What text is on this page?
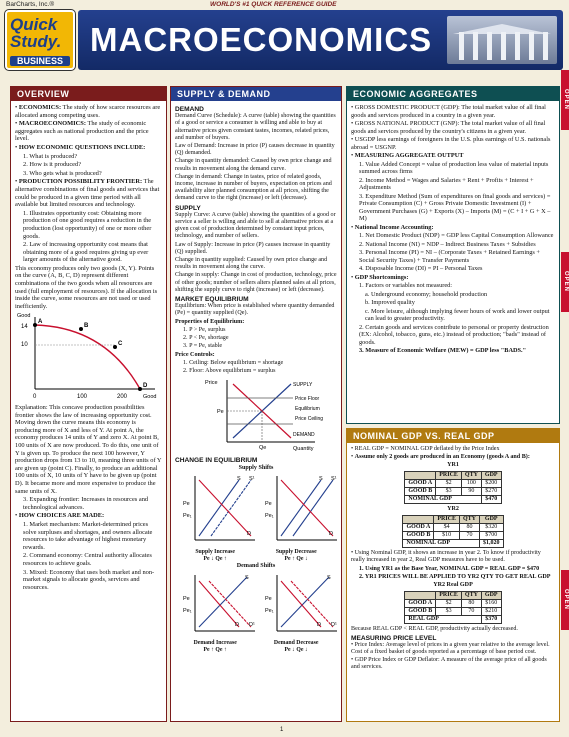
BarCharts, Inc.®	WORLD'S #1 QUICK REFERENCE GUIDE
Quick
Study.
BUSINESS
MACROECONOMICS
OPEN
OPEN
OPEN
OVERVIEW

• ECONOMICS: The study of how scarce resources are allocated among competing uses.

• MACROECONOMICS: The study of economic aggregates such as national production and the price level.

• HOW ECONOMIC QUESTIONS INCLUDE:

1. What is produced?

2. How is it produced?

3. Who gets what is produced?

• PRODUCTION POSSIBILITY FRONTIER: The alternative combinations of final goods and services that could be produced in a given time period with all available but limited resources and technology.

1. Illustrates opportunity cost: Obtaining more production of one good requires a reduction in the production (lost opportunity) of one or more other goods.

2. Law of increasing opportunity cost means that obtaining more of a good requires giving up ever larger amounts of the alternative good.

This economy produces only two goods (X, Y). Points on the curve (A, B, C, D) represent different combinations of the two goods when all resources are used (full employment of resources). If the allocation is inside the curve, some resources are not used or used inefficiently.

Good
Good
14
10
0	100	200
A
B
C
D

Explanation: This concave production possibilities frontier shows the law of increasing opportunity cost. Moving down the curve means this economy is producing more of X and less of Y. At point A, the economy produces 14 units of Y and zero X. At point B, 100 units of X are now produced. To do this, one unit of Y is given up. To produce the next 100 however, Y production drops from 13 to 10, meaning three units of Y are given up (point C). Finally, to produce an additional 100 units of X, 10 units of Y have to be given up (point D). It became more and more expensive to produce the same units of X.

3. Expanding frontier: Increases in resources and technological advances.

• HOW CHOICES ARE MADE:

1. Market mechanism: Market-determined prices solve surpluses and shortages, and owners allocate resources to take advantage of highest monetary rewards.

2. Command economy: Central authority allocates resources to achieve goals.

3. Mixed: Economy that uses both market and non-market signals to allocate goods, services and resources.

SUPPLY & DEMAND
DEMAND

Demand Curve (Schedule): A curve (table) showing the quantities of a good or service a consumer is willing and able to buy at alternative prices given constant tastes, incomes, related prices, and number of buyers.

Law of Demand: Increase in price (P) causes decrease in quantity (Q) demanded.

Change in quantity demanded: Caused by own price change and results in movement along the demand curve.

Change in demand: Change in tastes, price of related goods, income, increase in number of buyers, expectation on prices and availability alter planned consumption at all prices, shifting the demand curve to the right (increase) or left (decrease).

SUPPLY

Supply Curve: A curve (table) showing the quantities of a good or service a seller is willing and able to sell at alternative prices at a given cost of production determined by constant input prices, technology, and number of sellers.

Law of Supply: Increase in price (P) causes increase in quantity (Q) supplied.

Change in quantity supplied: Caused by own price change and results in movement along the curve.

Change in supply: Change in cost of production, technology, price of other goods; number of sellers alters planned sales at all prices, shifting the supply curve to right (increase) or left (decrease).

MARKET EQUILIBRIUM

Equilibrium: When price is established where quantity demanded (Pe) = quantity supplied (Qe).

Properties of Equilibrium:

1. P > Pe, surplus

2. P < Pe, shortage

3. P = Pe, stable

Price Controls:

1. Ceiling: Below equilibrium = shortage

2. Floor: Above equilibrium = surplus

Price
Quantity
Pe
Qe
SUPPLY
Price Floor
Equilibrium
Price Ceiling
DEMAND
CHANGE IN EQUILIBRIUM
Supply Shifts
S S¹
D
Pe
Pe₁
S S¹
D
Pe
Pe₁
Supply Increase
Pe ↓ Qe ↑
Supply Decrease
Pe ↑ Qe ↓
Demand Shifts
S
D D¹
Pe
Pe₁
S
D D¹
Pe
Pe₁
Demand Increase
Pe ↑ Qe ↑
Demand Decrease
Pe ↓ Qe ↓
ECONOMIC AGGREGATES

• GROSS DOMESTIC PRODUCT (GDP): The total market value of all final goods and services produced in a country in a given year.

• GROSS NATIONAL PRODUCT (GNP): The total market value of all final goods and services produced by the country's citizens in a given year.

• USGDP less earnings of foreigners in the U.S. plus earnings of U.S. nationals abroad = USGNP.

• MEASURING AGGREGATE OUTPUT

1. Value Added Concept = value of production less value of material inputs summed across firms

2. Income Method = Wages and Salaries + Rent + Profits + Interest + Adjustments

3. Expenditure Method (Sum of expenditures on final goods and services) = Private Consumption (C) + Gross Private Domestic Investment (I) + Government Purchases (G) + Exports (X) – Imports (M) = (C + I + G + X – M)

• National Income Accounting:

1. Net Domestic Product (NDP) = GDP less Capital Consumption Allowance

2. National Income (NI) = NDP – Indirect Business Taxes + Subsidies

3. Personal Income (PI) = NI – (Corporate Taxes + Retained Earnings + Social Security Taxes) + Transfer Payments

4. Disposable Income (DI) = PI – Personal Taxes

• GDP Shortcomings:

1. Factors or variables not measured:

a. Underground economy; household production

b. Improved quality

c. More leisure, although implying fewer hours of work and lower output can lead to greater productivity.

2. Certain goods and services contribute to personal or property destruction (EX: Alcohol, tobacco, guns, etc.) instead of production; "bads" instead of goods.

3. Measure of Economic Welfare (MEW) = GDP less "BADS."

NOMINAL GDP VS. REAL GDP

• REAL GDP = NOMINAL GDP deflated by the Price Index

• Assume only 2 goods are produced in an Economy (goods A and B):

YR1
	PRICE	QTY	GDP
GOOD A	$2	100	$200
GOOD B	$3	90	$270
NOMINAL GDP			$470
YR2
	PRICE	QTY	GDP
GOOD A	$4	80	$320
GOOD B	$10	70	$700
NOMINAL GDP			$1,020

• Using Nominal GDP, it shows an increase in year 2. To know if productivity really increased in year 2, Real GDP measures have to be used.

1. Using YR1 as the Base Year, NOMINAL GDP = REAL GDP = $470

2. YR1 PRICES WILL BE APPLIED TO YR2 QTY TO GET REAL GDP

YR2 Real GDP
	PRICE	QTY	GDP
GOOD A	$2	80	$160
GOOD B	$3	70	$210
REAL GDP			$370

Because REAL GDP < REAL GDP, productivity actually decreased.

MEASURING PRICE LEVEL

• Price Index: Average level of prices in a given year relative to the average level. Cost of a fixed basket of goods reported as a percentage of base period cost.

• GDP Price Index or GDP Deflator: A measure of the average price of all goods and services.

1
